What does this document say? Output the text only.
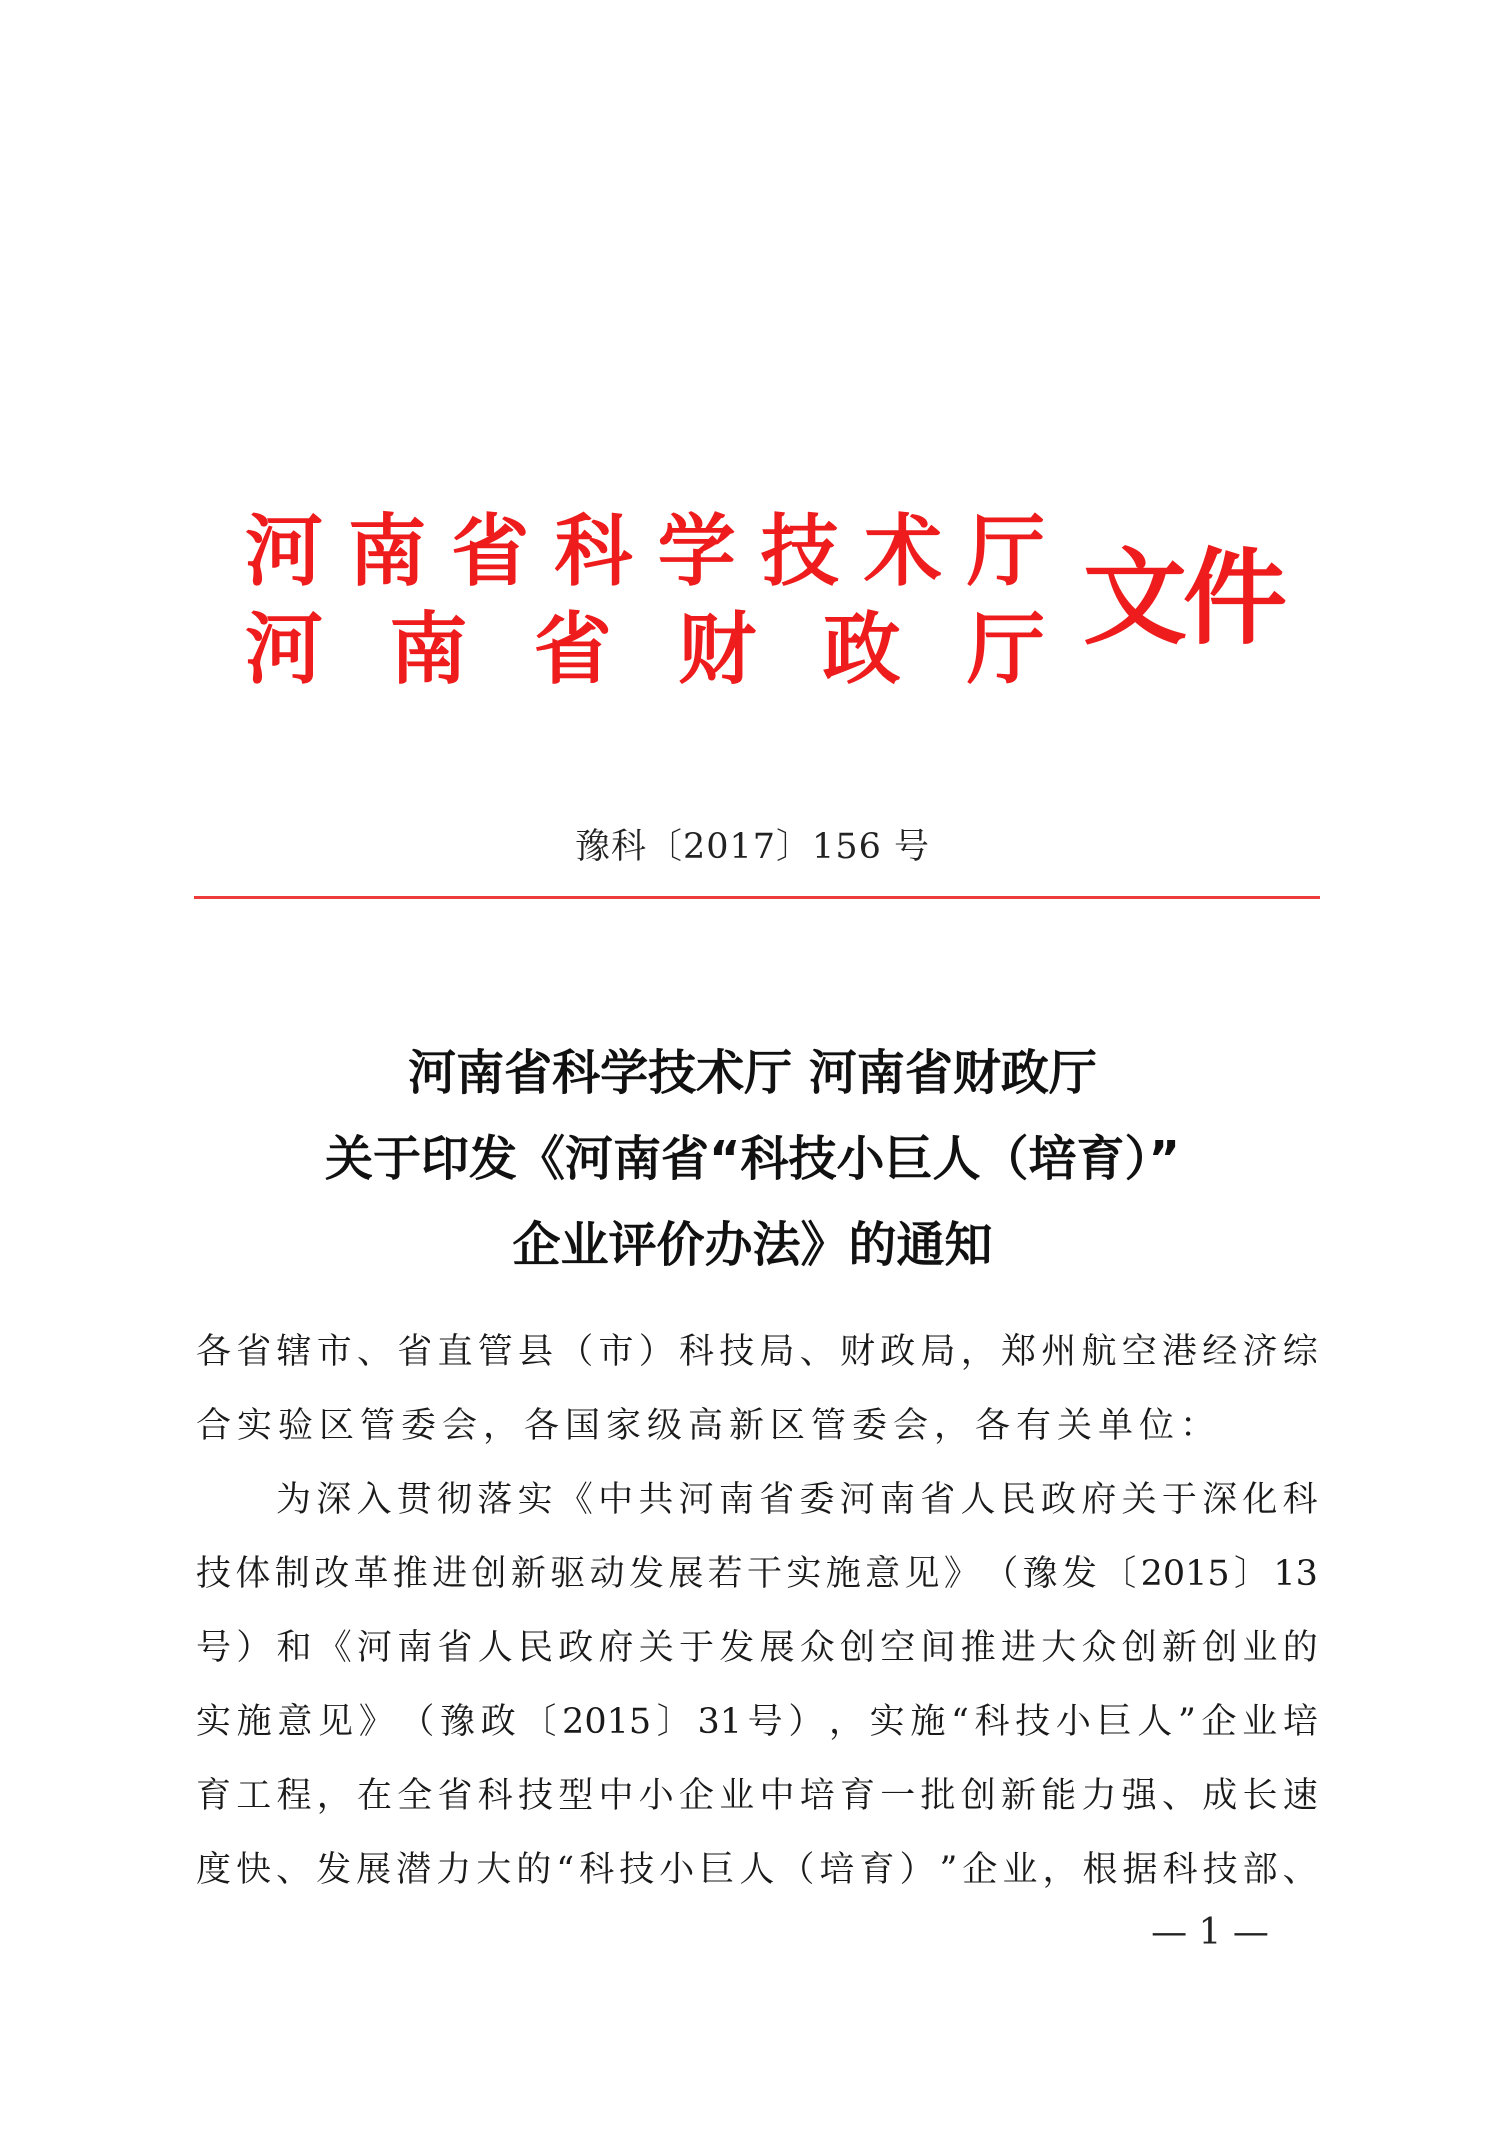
河 南 省 科 学 技 术 厅
河 南 省 财 政 厅 文件
豫科〔2017〕156 号
河南省科学技术厅 河南省财政厅
关于印发《河南省“科技小巨人（培育）”
企业评价办法》的通知
各 省 辖 市 、 省 直 管 县 （ 市 ） 科 技 局 、 财 政 局 ， 郑 州 航 空 港 经 济 综
合实验区管委会，各国家级高新区管委会，各有关单位：
为 深 入 贯 彻 落 实 《 中 共 河 南 省 委 河 南 省 人 民 政 府 关 于 深 化 科
技 体 制 改 革 推 进 创 新 驱 动 发 展 若 干 实 施 意 见 》 （ 豫 发 〔 2015 〕 13
号 ） 和 《 河 南 省 人 民 政 府 关 于 发 展 众 创 空 间 推 进 大 众 创 新 创 业 的
实 施 意 见 》 （ 豫 政 〔 2015 〕 31 号 ） ， 实 施 “ 科 技 小 巨 人 ” 企 业 培
育 工 程 ， 在 全 省 科 技 型 中 小 企 业 中 培 育 一 批 创 新 能 力 强 、 成 长 速
度 快 、 发 展 潜 力 大 的 “ 科 技 小 巨 人 （ 培 育 ） ” 企 业 ， 根 据 科 技 部 、
— 1 —
